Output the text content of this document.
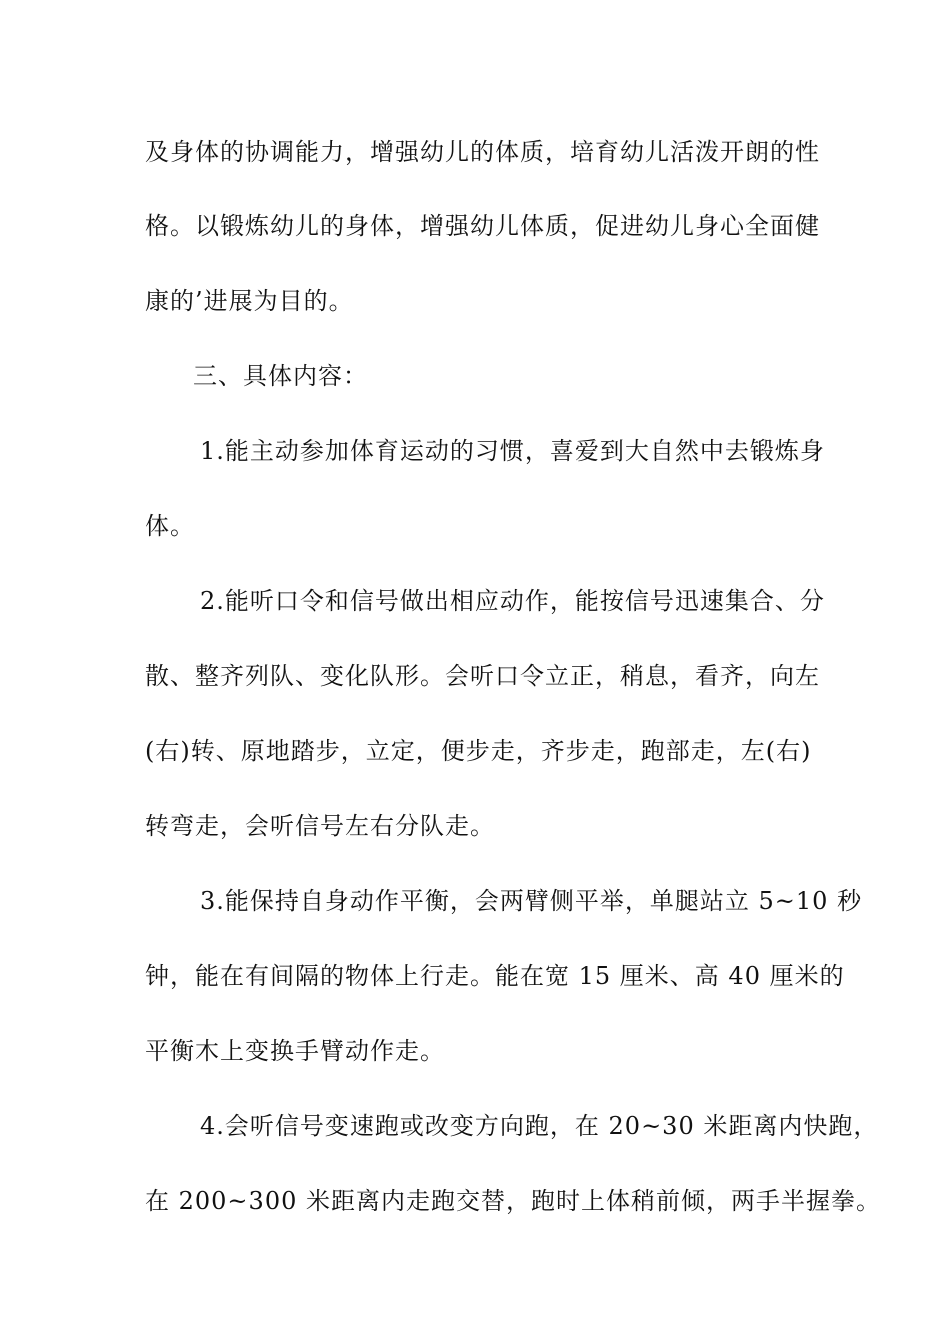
及身体的协调能力，增强幼儿的体质，培育幼儿活泼开朗的性
格。以锻炼幼儿的身体，增强幼儿体质，促进幼儿身心全面健
康的’进展为目的。
三、具体内容：
1.能主动参加体育运动的习惯，喜爱到大自然中去锻炼身
体。
2.能听口令和信号做出相应动作，能按信号迅速集合、分
散、整齐列队、变化队形。会听口令立正，稍息，看齐，向左
(右)转、原地踏步，立定，便步走，齐步走，跑部走，左(右)
转弯走，会听信号左右分队走。
3.能保持自身动作平衡，会两臂侧平举，单腿站立 5~10 秒
钟，能在有间隔的物体上行走。能在宽 15 厘米、高 40 厘米的
平衡木上变换手臂动作走。
4.会听信号变速跑或改变方向跑，在 20~30 米距离内快跑，
在 200~300 米距离内走跑交替，跑时上体稍前倾，两手半握拳。
